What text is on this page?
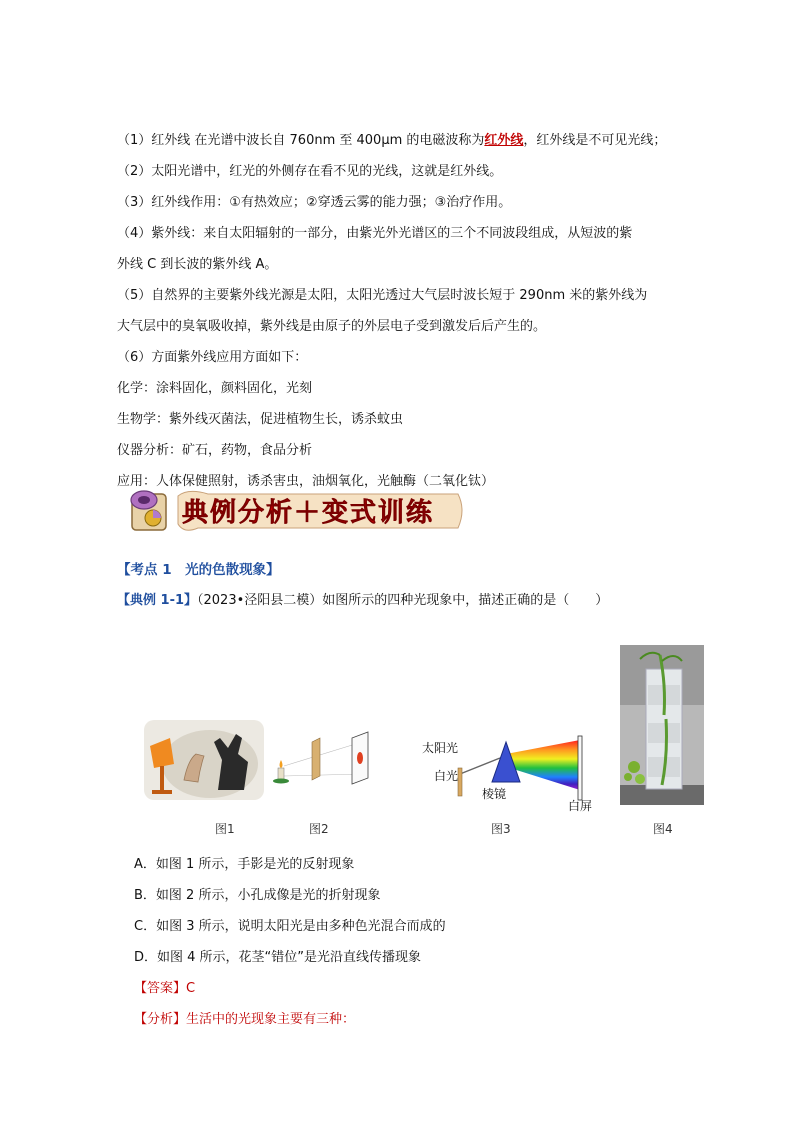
（1）红外线 在光谱中波长自 760nm 至 400μm 的电磁波称为红外线，红外线是不可见光线；
（2）太阳光谱中，红光的外侧存在看不见的光线，这就是红外线。
（3）红外线作用：①有热效应；②穿透云雾的能力强；③治疗作用。
（4）紫外线：来自太阳辐射的一部分，由紫光外光谱区的三个不同波段组成，从短波的紫
外线 C 到长波的紫外线 A。
（5）自然界的主要紫外线光源是太阳，太阳光透过大气层时波长短于 290nm 米的紫外线为
大气层中的臭氧吸收掉，紫外线是由原子的外层电子受到激发后后产生的。
（6）方面紫外线应用方面如下：
化学：涂料固化，颜料固化，光刻
生物学：紫外线灭菌法，促进植物生长，诱杀蚊虫
仪器分析：矿石，药物，食品分析
应用：人体保健照射，诱杀害虫，油烟氧化，光触酶（二氧化钛）
典例分析＋变式训练
【考点 1　光的色散现象】
【典例 1-1】（2023•泾阳县二模）如图所示的四种光现象中，描述正确的是（　　）
太阳光
白光
棱镜
白屏
图1	图2	图3	图4
A．如图 1 所示，手影是光的反射现象
B．如图 2 所示，小孔成像是光的折射现象
C．如图 3 所示，说明太阳光是由多种色光混合而成的
D．如图 4 所示，花茎“错位”是光沿直线传播现象
【答案】C
【分析】生活中的光现象主要有三种：
